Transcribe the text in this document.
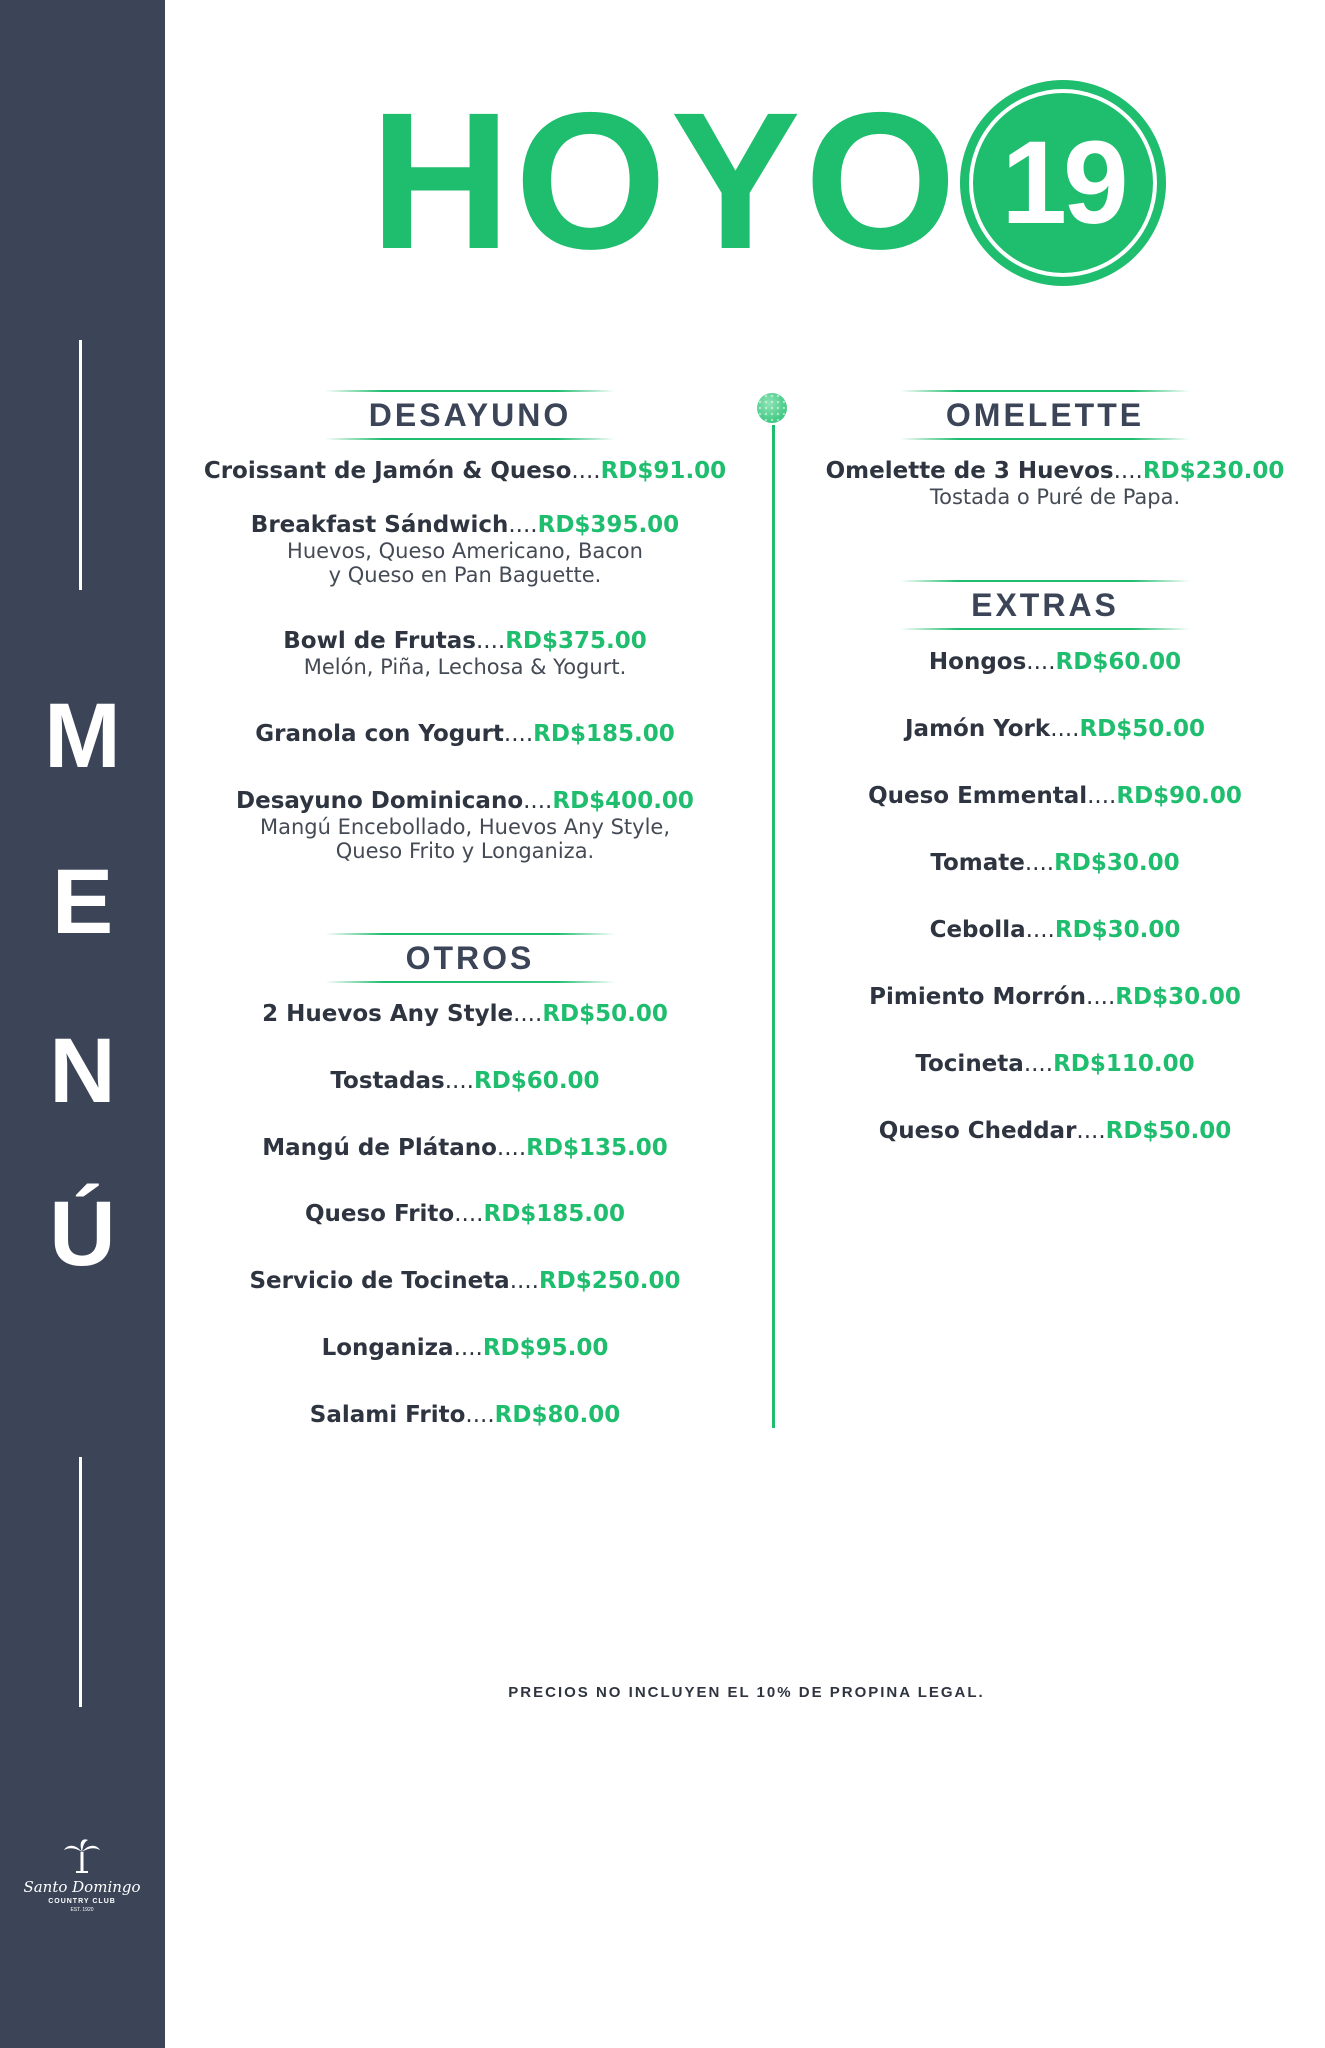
M
E
N
Ú
Santo Domingo
COUNTRY CLUB
EST. 1920
HOYO 19
DESAYUNO
Croissant de Jamón & Queso....RD$91.00
Breakfast Sándwich....RD$395.00
Huevos, Queso Americano, Bacon
y Queso en Pan Baguette.
Bowl de Frutas....RD$375.00
Melón, Piña, Lechosa & Yogurt.
Granola con Yogurt....RD$185.00
Desayuno Dominicano....RD$400.00
Mangú Encebollado, Huevos Any Style,
Queso Frito y Longaniza.
OTROS
2 Huevos Any Style....RD$50.00
Tostadas....RD$60.00
Mangú de Plátano....RD$135.00
Queso Frito....RD$185.00
Servicio de Tocineta....RD$250.00
Longaniza....RD$95.00
Salami Frito....RD$80.00
OMELETTE
Omelette de 3 Huevos....RD$230.00
Tostada o Puré de Papa.
EXTRAS
Hongos....RD$60.00
Jamón York....RD$50.00
Queso Emmental....RD$90.00
Tomate....RD$30.00
Cebolla....RD$30.00
Pimiento Morrón....RD$30.00
Tocineta....RD$110.00
Queso Cheddar....RD$50.00
PRECIOS NO INCLUYEN EL 10% DE PROPINA LEGAL.
